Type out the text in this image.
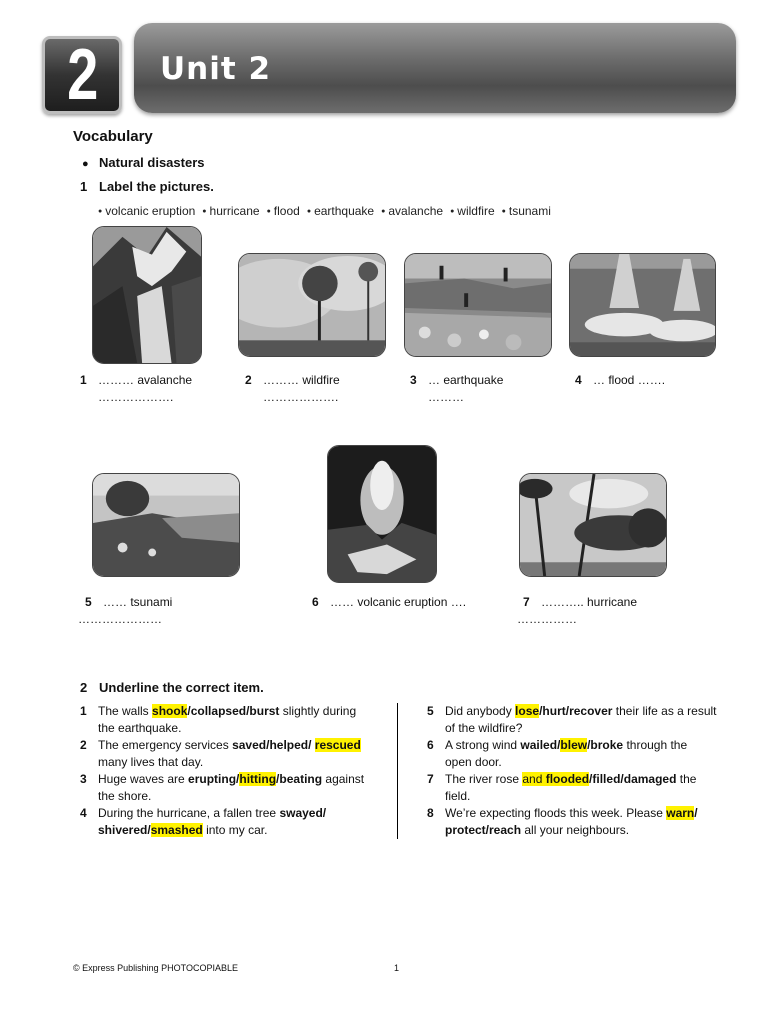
2 Unit 2
Vocabulary
● Natural disasters
1 Label the pictures.
● volcanic eruption	● hurricane	● flood	● earthquake	● avalanche	● wildfire	● tsunami
1 ……… avalanche
……………….
2 ……… wildfire
……………….
3 … earthquake
………
4 … flood …….
5 …… tsunami
…………………
6 …… volcanic eruption ….	7 ……….. hurricane
……………
2 Underline the correct item.
1 The walls shook/collapsed/burst slightly during the earthquake.
2 The emergency services saved/helped/ rescued many lives that day.
3 Huge waves are erupting/hitting/beating against the shore.
4 During the hurricane, a fallen tree swayed/ shivered/smashed into my car.
5 Did anybody lose/hurt/recover their life as a result of the wildfire?
6 A strong wind wailed/blew/broke through the open door.
7 The river rose and flooded/filled/damaged the field.
8 We’re expecting floods this week. Please warn/ protect/reach all your neighbours.
© Express Publishing PHOTOCOPIABLE	1
